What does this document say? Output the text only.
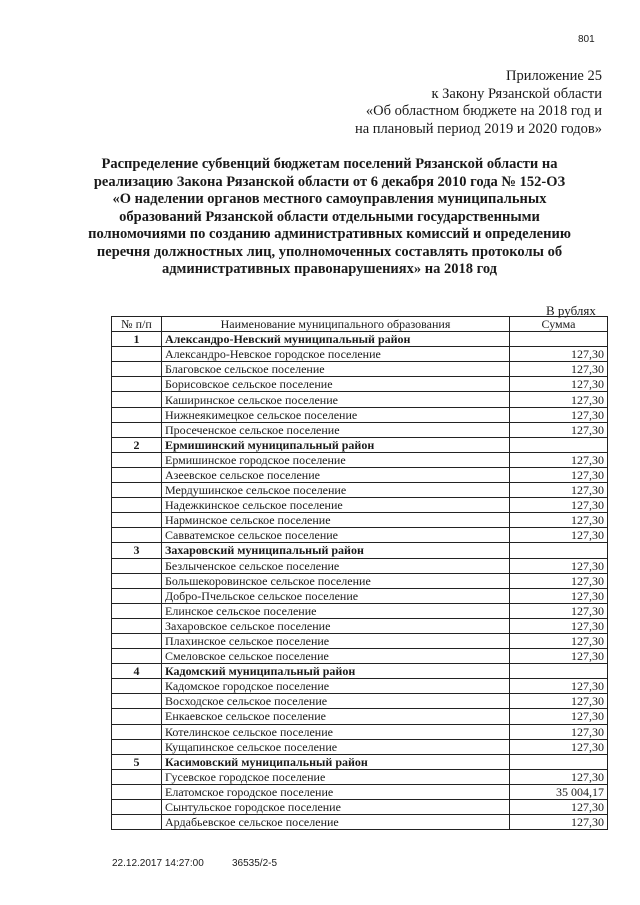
801
Приложение 25
к Закону Рязанской области
«Об областном бюджете на 2018 год и
на плановый период 2019 и 2020 годов»
Распределение субвенций бюджетам поселений Рязанской области на
реализацию Закона Рязанской области от 6 декабря 2010 года № 152-ОЗ
«О наделении органов местного самоуправления муниципальных
образований Рязанской области отдельными государственными
полномочиями по созданию административных комиссий и определению
перечня должностных лиц, уполномоченных составлять протоколы об
административных правонарушениях» на 2018 год
В рублях
№ п/п	Наименование муниципального образования	Сумма
1	Александро-Невский муниципальный район	
	Александро-Невское городское поселение	127,30
	Благовское сельское поселение	127,30
	Борисовское сельское поселение	127,30
	Каширинское сельское поселение	127,30
	Нижнеякимецкое сельское поселение	127,30
	Просеченское сельское поселение	127,30
2	Ермишинский муниципальный район	
	Ермишинское городское поселение	127,30
	Азеевское сельское поселение	127,30
	Мердушинское сельское поселение	127,30
	Надежкинское сельское поселение	127,30
	Нарминское сельское поселение	127,30
	Савватемское сельское поселение	127,30
3	Захаровский муниципальный район	
	Безлыченское сельское поселение	127,30
	Большекоровинское сельское поселение	127,30
	Добро-Пчельское сельское поселение	127,30
	Елинское сельское поселение	127,30
	Захаровское сельское поселение	127,30
	Плахинское сельское поселение	127,30
	Смеловское сельское поселение	127,30
4	Кадомский муниципальный район	
	Кадомское городское поселение	127,30
	Восходское сельское поселение	127,30
	Енкаевское сельское поселение	127,30
	Котелинское сельское поселение	127,30
	Кущапинское сельское поселение	127,30
5	Касимовский муниципальный район	
	Гусевское городское поселение	127,30
	Елатомское городское поселение	35 004,17
	Сынтульское городское поселение	127,30
	Ардабьевское сельское поселение	127,30
22.12.2017 14:27:00	36535/2-5
